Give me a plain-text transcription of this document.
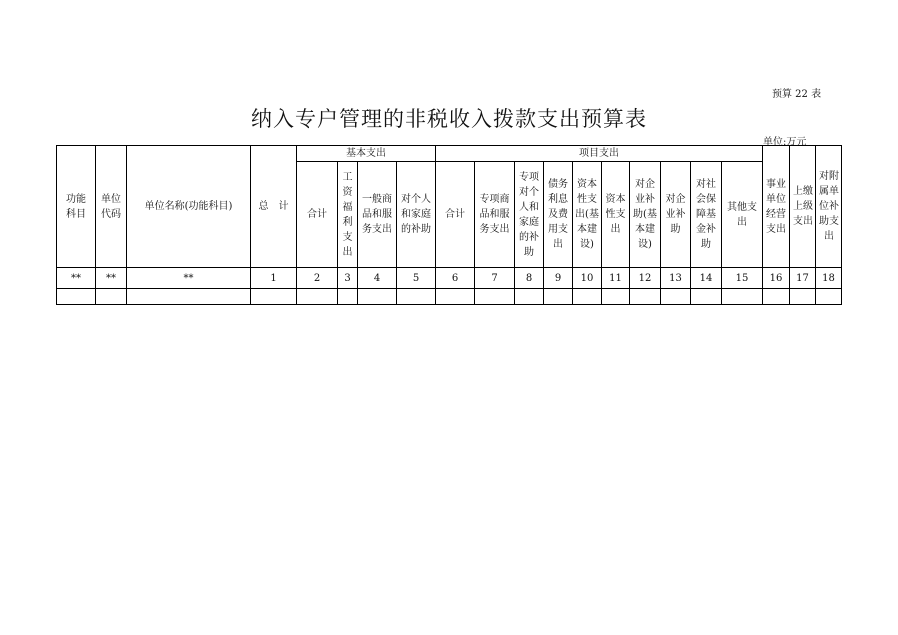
预算 22 表
纳入专户管理的非税收入拨款支出预算表
单位:万元
功能科目	单位代码	单位名称(功能科目)	总　计	基本支出				项目支出										事业单位经营支出	上缴上级支出	对附属单位补助支出
				合计	工资福利支出	一般商品和服务支出	对个人和家庭的补助	合计	专项商品和服务支出	专项对个人和家庭的补助	债务利息及费用支出	资本性支出(基本建设)	资本性支出	对企业补助(基本建设)	对企业补助	对社会保障基金补助	其他支出			
**	**	**	1	2	3	4	5	6	7	8	9	10	11	12	13	14	15	16	17	18
